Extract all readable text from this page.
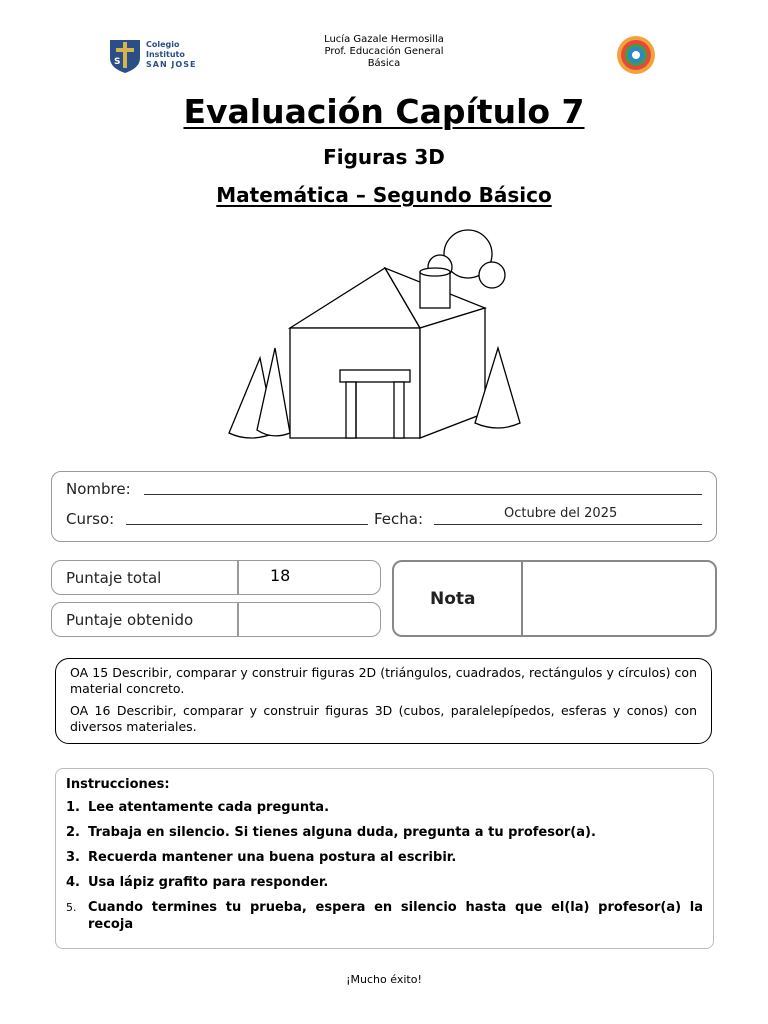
S
Colegio
Instituto
SAN JOSE
Lucía Gazale Hermosilla
Prof. Educación General
Básica
Evaluación Capítulo 7
Figuras 3D
Matemática – Segundo Básico
Nombre:
Curso:	Fecha:	Octubre del 2025
Puntaje total	18
Puntaje obtenido
Nota

OA 15 Describir, comparar y construir figuras 2D (triángulos, cuadrados, rectángulos y círculos) con material concreto.

OA 16 Describir, comparar y construir figuras 3D (cubos, paralelepípedos, esferas y conos) con diversos materiales.

Instrucciones:
1. Lee atentamente cada pregunta.
2. Trabaja en silencio. Si tienes alguna duda, pregunta a tu profesor(a).
3. Recuerda mantener una buena postura al escribir.
4. Usa lápiz grafito para responder.
5. Cuando termines tu prueba, espera en silencio hasta que el(la) profesor(a) la recoja
¡Mucho éxito!
